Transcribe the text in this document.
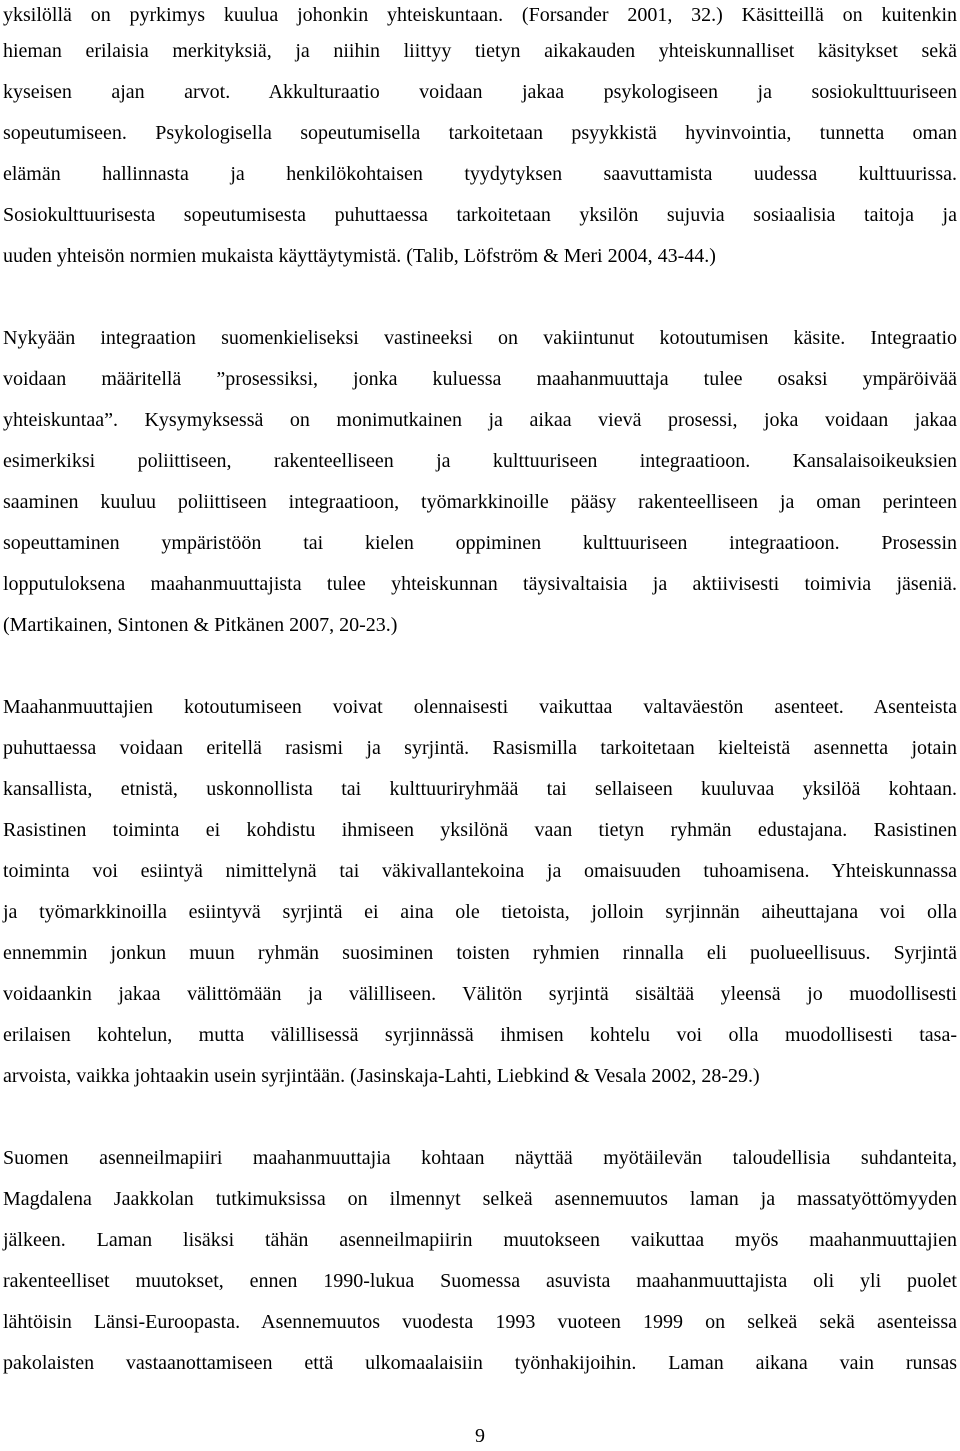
yksilöllä on pyrkimys kuulua johonkin yhteiskuntaan. (Forsander 2001, 32.) Käsitteillä on kuitenkin
hieman erilaisia merkityksiä, ja niihin liittyy tietyn aikakauden yhteiskunnalliset käsitykset sekä
kyseisen ajan arvot. Akkulturaatio voidaan jakaa psykologiseen ja sosiokulttuuriseen
sopeutumiseen. Psykologisella sopeutumisella tarkoitetaan psyykkistä hyvinvointia, tunnetta oman
elämän hallinnasta ja henkilökohtaisen tyydytyksen saavuttamista uudessa kulttuurissa.
Sosiokulttuurisesta sopeutumisesta puhuttaessa tarkoitetaan yksilön sujuvia sosiaalisia taitoja ja
uuden yhteisön normien mukaista käyttäytymistä. (Talib, Löfström & Meri 2004, 43-44.)
Nykyään integraation suomenkieliseksi vastineeksi on vakiintunut kotoutumisen käsite. Integraatio
voidaan määritellä ”prosessiksi, jonka kuluessa maahanmuuttaja tulee osaksi ympäröivää
yhteiskuntaa”. Kysymyksessä on monimutkainen ja aikaa vievä prosessi, joka voidaan jakaa
esimerkiksi poliittiseen, rakenteelliseen ja kulttuuriseen integraatioon. Kansalaisoikeuksien
saaminen kuuluu poliittiseen integraatioon, työmarkkinoille pääsy rakenteelliseen ja oman perinteen
sopeuttaminen ympäristöön tai kielen oppiminen kulttuuriseen integraatioon. Prosessin
lopputuloksena maahanmuuttajista tulee yhteiskunnan täysivaltaisia ja aktiivisesti toimivia jäseniä.
(Martikainen, Sintonen & Pitkänen 2007, 20-23.)
Maahanmuuttajien kotoutumiseen voivat olennaisesti vaikuttaa valtaväestön asenteet. Asenteista
puhuttaessa voidaan eritellä rasismi ja syrjintä. Rasismilla tarkoitetaan kielteistä asennetta jotain
kansallista, etnistä, uskonnollista tai kulttuuriryhmää tai sellaiseen kuuluvaa yksilöä kohtaan.
Rasistinen toiminta ei kohdistu ihmiseen yksilönä vaan tietyn ryhmän edustajana. Rasistinen
toiminta voi esiintyä nimittelynä tai väkivallantekoina ja omaisuuden tuhoamisena. Yhteiskunnassa
ja työmarkkinoilla esiintyvä syrjintä ei aina ole tietoista, jolloin syrjinnän aiheuttajana voi olla
ennemmin jonkun muun ryhmän suosiminen toisten ryhmien rinnalla eli puolueellisuus. Syrjintä
voidaankin jakaa välittömään ja välilliseen. Välitön syrjintä sisältää yleensä jo muodollisesti
erilaisen kohtelun, mutta välillisessä syrjinnässä ihmisen kohtelu voi olla muodollisesti tasa-
arvoista, vaikka johtaakin usein syrjintään. (Jasinskaja-Lahti, Liebkind & Vesala 2002, 28-29.)
Suomen asenneilmapiiri maahanmuuttajia kohtaan näyttää myötäilevän taloudellisia suhdanteita,
Magdalena Jaakkolan tutkimuksissa on ilmennyt selkeä asennemuutos laman ja massatyöttömyyden
jälkeen. Laman lisäksi tähän asenneilmapiirin muutokseen vaikuttaa myös maahanmuuttajien
rakenteelliset muutokset, ennen 1990-lukua Suomessa asuvista maahanmuuttajista oli yli puolet
lähtöisin Länsi-Euroopasta. Asennemuutos vuodesta 1993 vuoteen 1999 on selkeä sekä asenteissa
pakolaisten vastaanottamiseen että ulkomaalaisiin työnhakijoihin. Laman aikana vain runsas
9
